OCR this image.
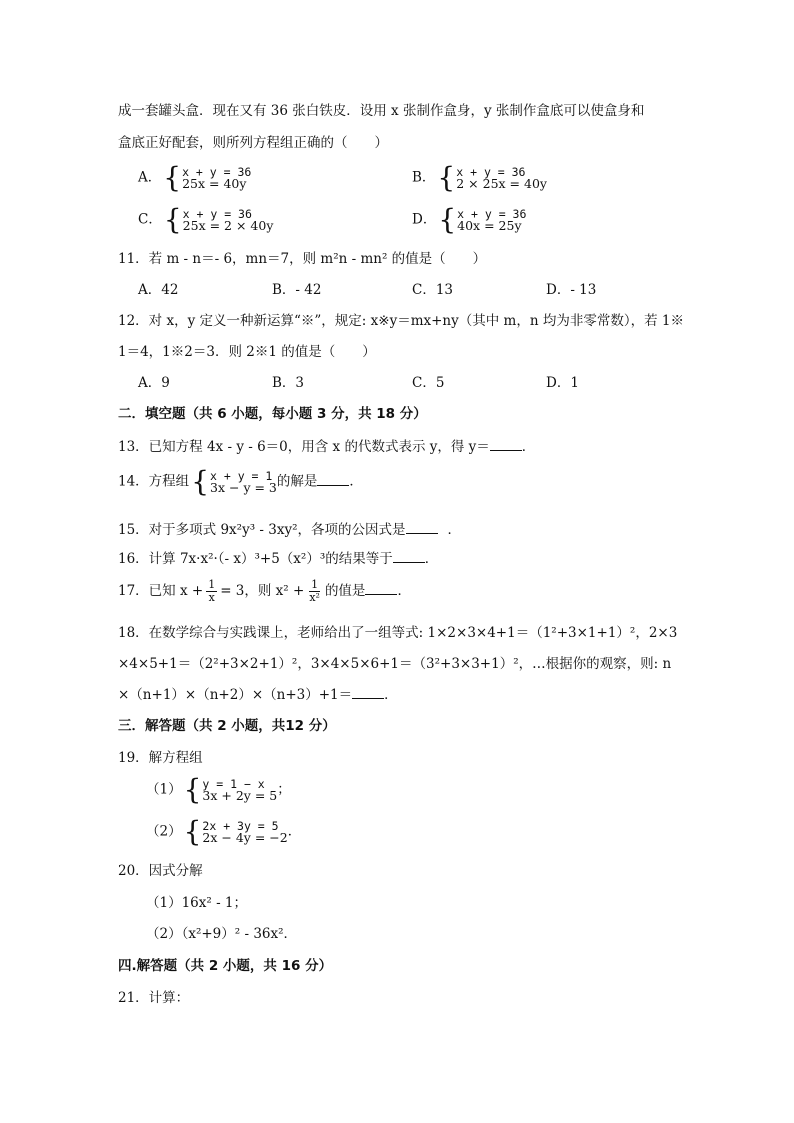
成一套罐头盒．现在又有 36 张白铁皮．设用 x 张制作盒身，y 张制作盒底可以使盒身和
盒底正好配套，则所列方程组正确的（　　）
A． { x + y = 36
25x = 40y	B． { x + y = 36
2 × 25x = 40y
C． { x + y = 36
25x = 2 × 40y	D． { x + y = 36
40x = 25y
11．若 m - n＝- 6，mn＝7，则 m²n - mn² 的值是（　　）
A．42	B．- 42	C．13	D．- 13
12．对 x，y 定义一种新运算“※”，规定: x※y＝mx+ny（其中 m，n 均为非零常数），若 1※
1＝4，1※2＝3．则 2※1 的值是（　　）
A．9	B．3	C．5	D．1
二．填空题（共 6 小题，每小题 3 分，共 18 分）
13．已知方程 4x - y - 6＝0，用含 x 的代数式表示 y，得 y＝ ．
14．方程组 { x + y = 1
3x − y = 3 的解是 ．
15．对于多项式 9x²y³ - 3xy²，各项的公因式是	．
16．计算 7x·x²·（- x）³+5（x²）³的结果等于 ．
17．已知 $x + \frac{1}{x} = 3$，则 $x^2 + \frac{1}{\text{x²}}$ 的值是 ．
18．在数学综合与实践课上，老师给出了一组等式: 1×2×3×4+1＝（1²+3×1+1）²，2×3
×4×5+1＝（2²+3×2+1）²，3×4×5×6+1＝（3²+3×3+1）²，…根据你的观察，则: n
×（n+1）×（n+2）×（n+3）+1＝ ．
三．解答题（共 2 小题，共12 分）
19．解方程组
（1） { y = 1 − x
3x + 2y = 5 ；
（2） { 2x + 3y = 5
2x − 4y = −2 ．
20．因式分解
（1）16x² - 1；
（2）（x²+9）² - 36x²．
四.解答题（共 2 小题，共 16 分）
21．计算：
